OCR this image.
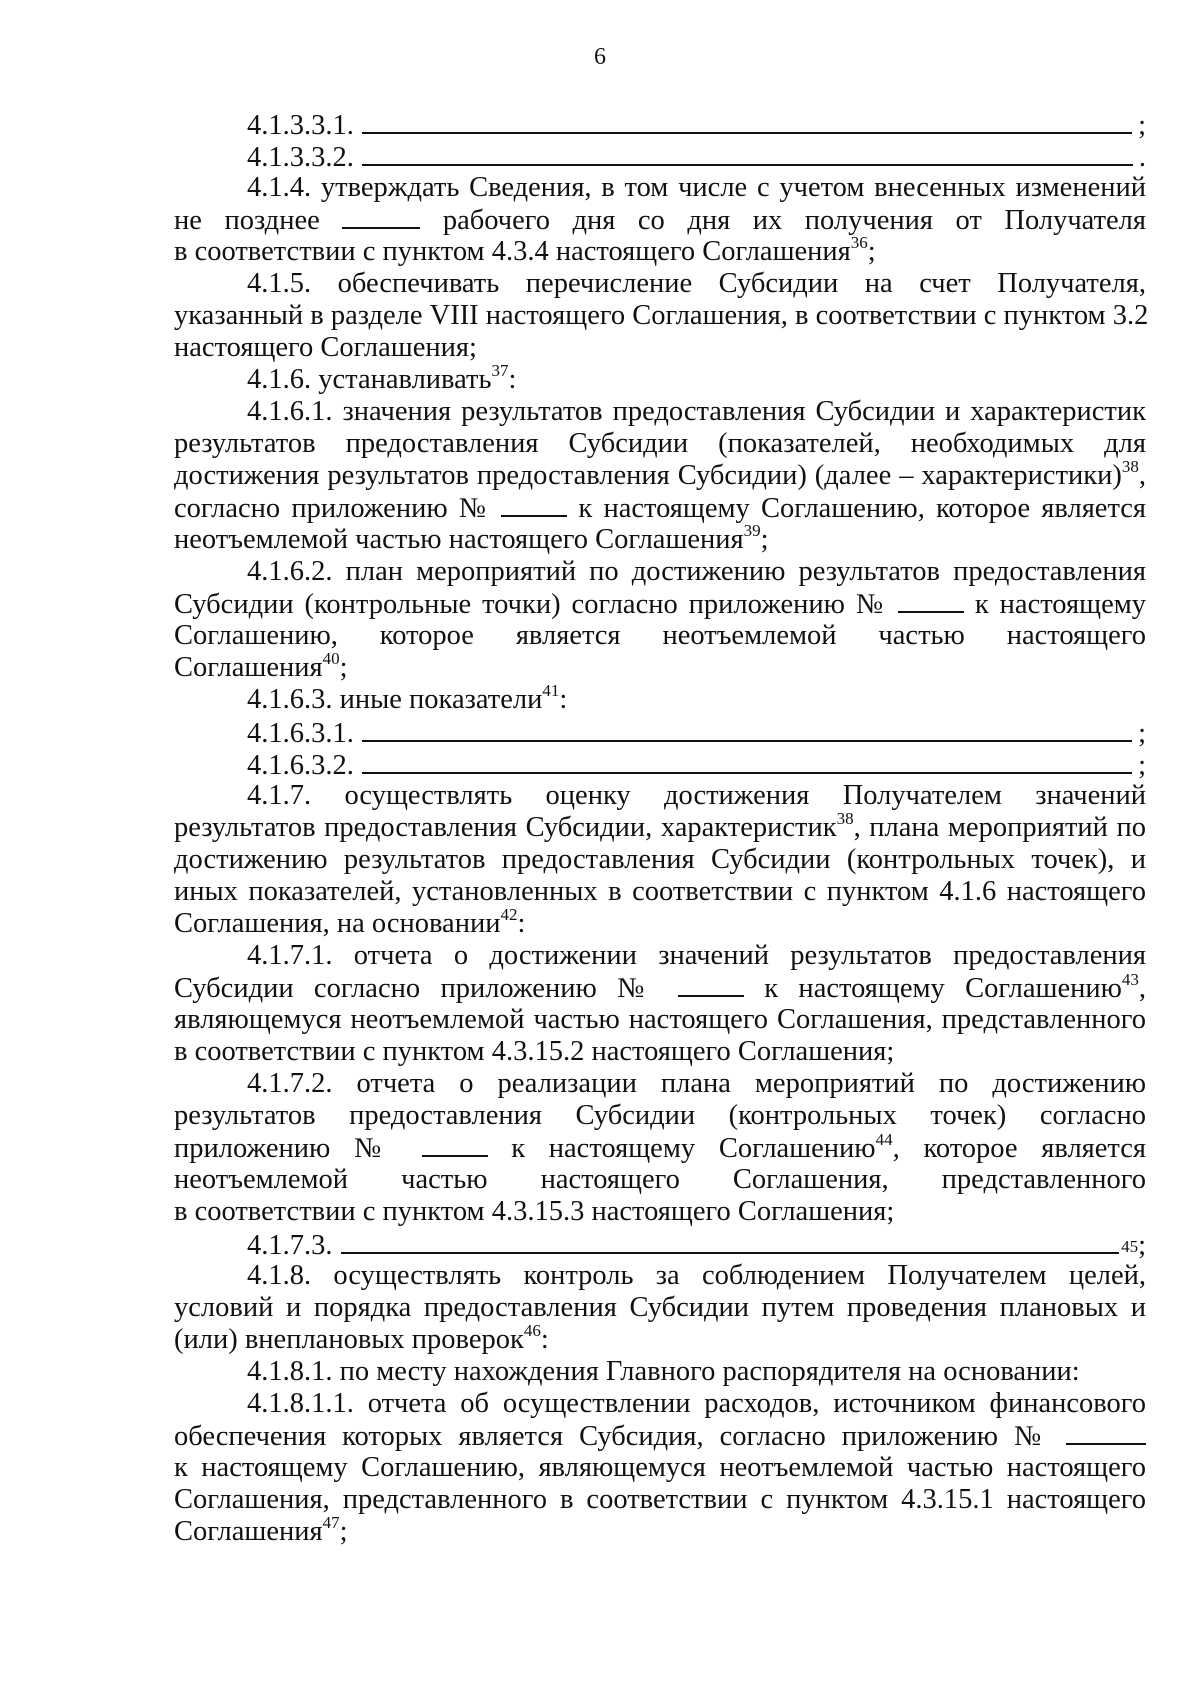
6
4.1.3.3.1.	;
4.1.3.3.2.	.
4.1.4. утверждать Сведения, в том числе с учетом внесенных изменений
не позднее	рабочего дня со дня их получения от Получателя
в соответствии с пунктом 4.3.4 настоящего Соглашения$^{36}$;
4.1.5. обеспечивать перечисление Субсидии на счет Получателя,
указанный в разделе VIII настоящего Соглашения, в соответствии с пунктом 3.2
настоящего Соглашения;
4.1.6. устанавливать$^{37}$:
4.1.6.1. значения результатов предоставления Субсидии и характеристик
результатов предоставления Субсидии (показателей, необходимых для
достижения результатов предоставления Субсидии) (далее – характеристики)$^{38}$,
согласно приложению №	к настоящему Соглашению, которое является
неотъемлемой частью настоящего Соглашения$^{39}$;
4.1.6.2. план мероприятий по достижению результатов предоставления
Субсидии (контрольные точки) согласно приложению №	к настоящему
Соглашению, которое является неотъемлемой частью настоящего
Соглашения$^{40}$;
4.1.6.3. иные показатели$^{41}$:
4.1.6.3.1.	;
4.1.6.3.2.	;
4.1.7. осуществлять оценку достижения Получателем значений
результатов предоставления Субсидии, характеристик$^{38}$, плана мероприятий по
достижению результатов предоставления Субсидии (контрольных точек), и
иных показателей, установленных в соответствии с пунктом 4.1.6 настоящего
Соглашения, на основании$^{42}$:
4.1.7.1. отчета о достижении значений результатов предоставления
Субсидии согласно приложению №	к настоящему Соглашению$^{43}$,
являющемуся неотъемлемой частью настоящего Соглашения, представленного
в соответствии с пунктом 4.3.15.2 настоящего Соглашения;
4.1.7.2. отчета о реализации плана мероприятий по достижению
результатов предоставления Субсидии (контрольных точек) согласно
приложению №	к настоящему Соглашению$^{44}$, которое является
неотъемлемой частью настоящего Соглашения, представленного
в соответствии с пунктом 4.3.15.3 настоящего Соглашения;
4.1.7.3.	$^{45}$ ;
4.1.8. осуществлять контроль за соблюдением Получателем целей,
условий и порядка предоставления Субсидии путем проведения плановых и
(или) внеплановых проверок$^{46}$:
4.1.8.1. по месту нахождения Главного распорядителя на основании:
4.1.8.1.1. отчета об осуществлении расходов, источником финансового
обеспечения которых является Субсидия, согласно приложению №
к настоящему Соглашению, являющемуся неотъемлемой частью настоящего
Соглашения, представленного в соответствии с пунктом 4.3.15.1 настоящего
Соглашения$^{47}$;
